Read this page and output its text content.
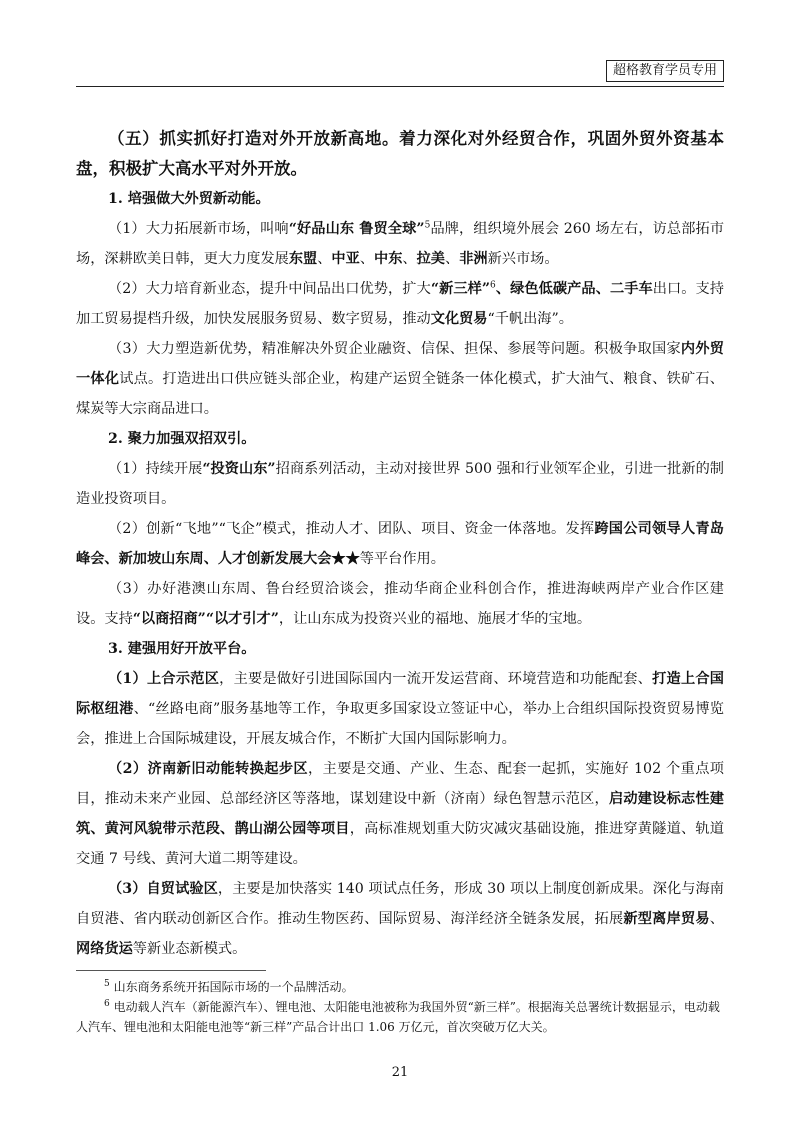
超格教育学员专用

（五）抓实抓好打造对外开放新高地。着力深化对外经贸合作，巩固外贸外资基本盘，积极扩大高水平对外开放。

1. 培强做大外贸新动能。

（1）大力拓展新市场，叫响“好品山东 鲁贸全球”$^5$品牌，组织境外展会 260 场左右，访总部拓市场，深耕欧美日韩，更大力度发展东盟、中亚、中东、拉美、非洲新兴市场。

（2）大力培育新业态，提升中间品出口优势，扩大“新三样”$^6$、绿色低碳产品、二手车出口。支持加工贸易提档升级，加快发展服务贸易、数字贸易，推动文化贸易“千帆出海”。

（3）大力塑造新优势，精准解决外贸企业融资、信保、担保、参展等问题。积极争取国家内外贸一体化试点。打造进出口供应链头部企业，构建产运贸全链条一体化模式，扩大油气、粮食、铁矿石、煤炭等大宗商品进口。

2. 聚力加强双招双引。

（1）持续开展“投资山东”招商系列活动，主动对接世界 500 强和行业领军企业，引进一批新的制造业投资项目。

（2）创新“飞地”“飞企”模式，推动人才、团队、项目、资金一体落地。发挥跨国公司领导人青岛峰会、新加坡山东周、人才创新发展大会★★等平台作用。

（3）办好港澳山东周、鲁台经贸洽谈会，推动华商企业科创合作，推进海峡两岸产业合作区建设。支持“以商招商”“以才引才”，让山东成为投资兴业的福地、施展才华的宝地。

3. 建强用好开放平台。

（1）上合示范区，主要是做好引进国际国内一流开发运营商、环境营造和功能配套、打造上合国际枢纽港、“丝路电商”服务基地等工作，争取更多国家设立签证中心，举办上合组织国际投资贸易博览会，推进上合国际城建设，开展友城合作，不断扩大国内国际影响力。

（2）济南新旧动能转换起步区，主要是交通、产业、生态、配套一起抓，实施好 102 个重点项目，推动未来产业园、总部经济区等落地，谋划建设中新（济南）绿色智慧示范区，启动建设标志性建筑、黄河风貌带示范段、鹊山湖公园等项目，高标准规划重大防灾减灾基础设施，推进穿黄隧道、轨道交通 7 号线、黄河大道二期等建设。

（3）自贸试验区，主要是加快落实 140 项试点任务，形成 30 项以上制度创新成果。深化与海南自贸港、省内联动创新区合作。推动生物医药、国际贸易、海洋经济全链条发展，拓展新型离岸贸易、网络货运等新业态新模式。

$^5$ 山东商务系统开拓国际市场的一个品牌活动。

$^6$ 电动载人汽车（新能源汽车）、锂电池、太阳能电池被称为我国外贸“新三样”。根据海关总署统计数据显示，电动载人汽车、锂电池和太阳能电池等“新三样”产品合计出口 1.06 万亿元，首次突破万亿大关。

21
